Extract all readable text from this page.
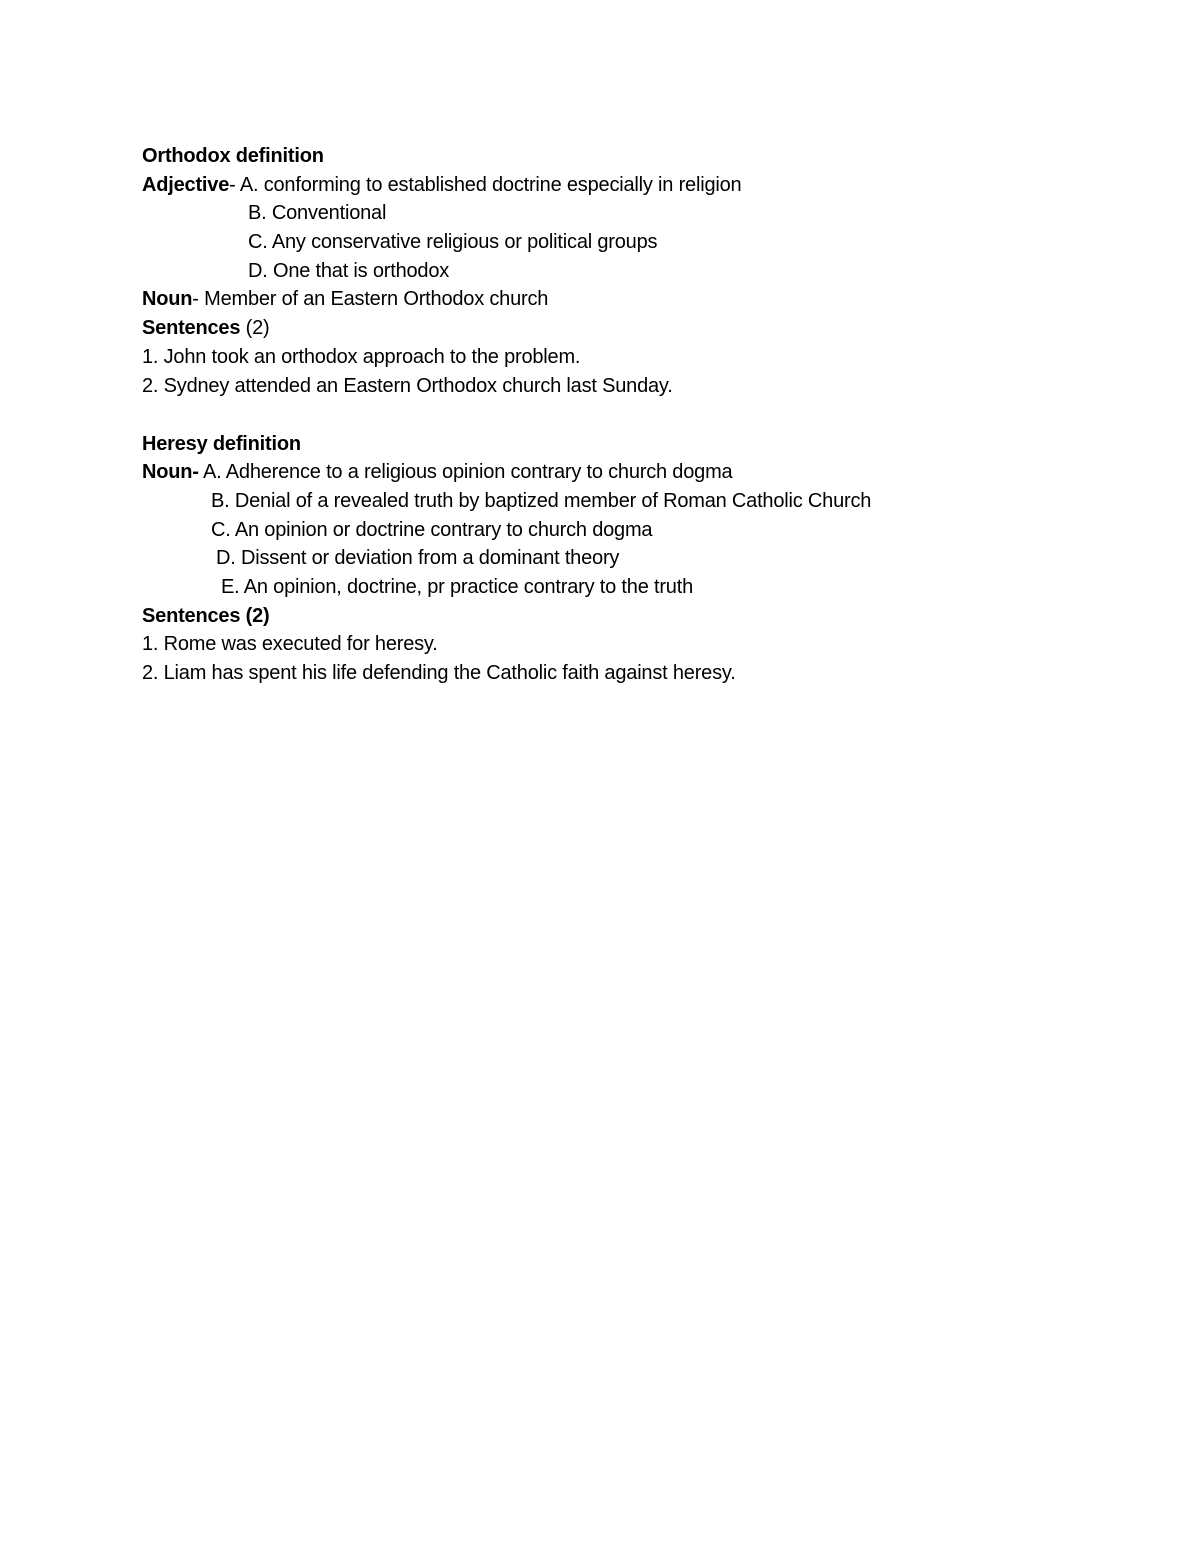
Orthodox definition
Adjective- A. conforming to established doctrine especially in religion
B. Conventional
C. Any conservative religious or political groups
D. One that is orthodox
Noun- Member of an Eastern Orthodox church
Sentences (2)
1. John took an orthodox approach to the problem.
2. Sydney attended an Eastern Orthodox church last Sunday.
Heresy definition
Noun- A. Adherence to a religious opinion contrary to church dogma
B. Denial of a revealed truth by baptized member of Roman Catholic Church
C. An opinion or doctrine contrary to church dogma
D. Dissent or deviation from a dominant theory
E. An opinion, doctrine, pr practice contrary to the truth
Sentences (2)
1. Rome was executed for heresy.
2. Liam has spent his life defending the Catholic faith against heresy.
